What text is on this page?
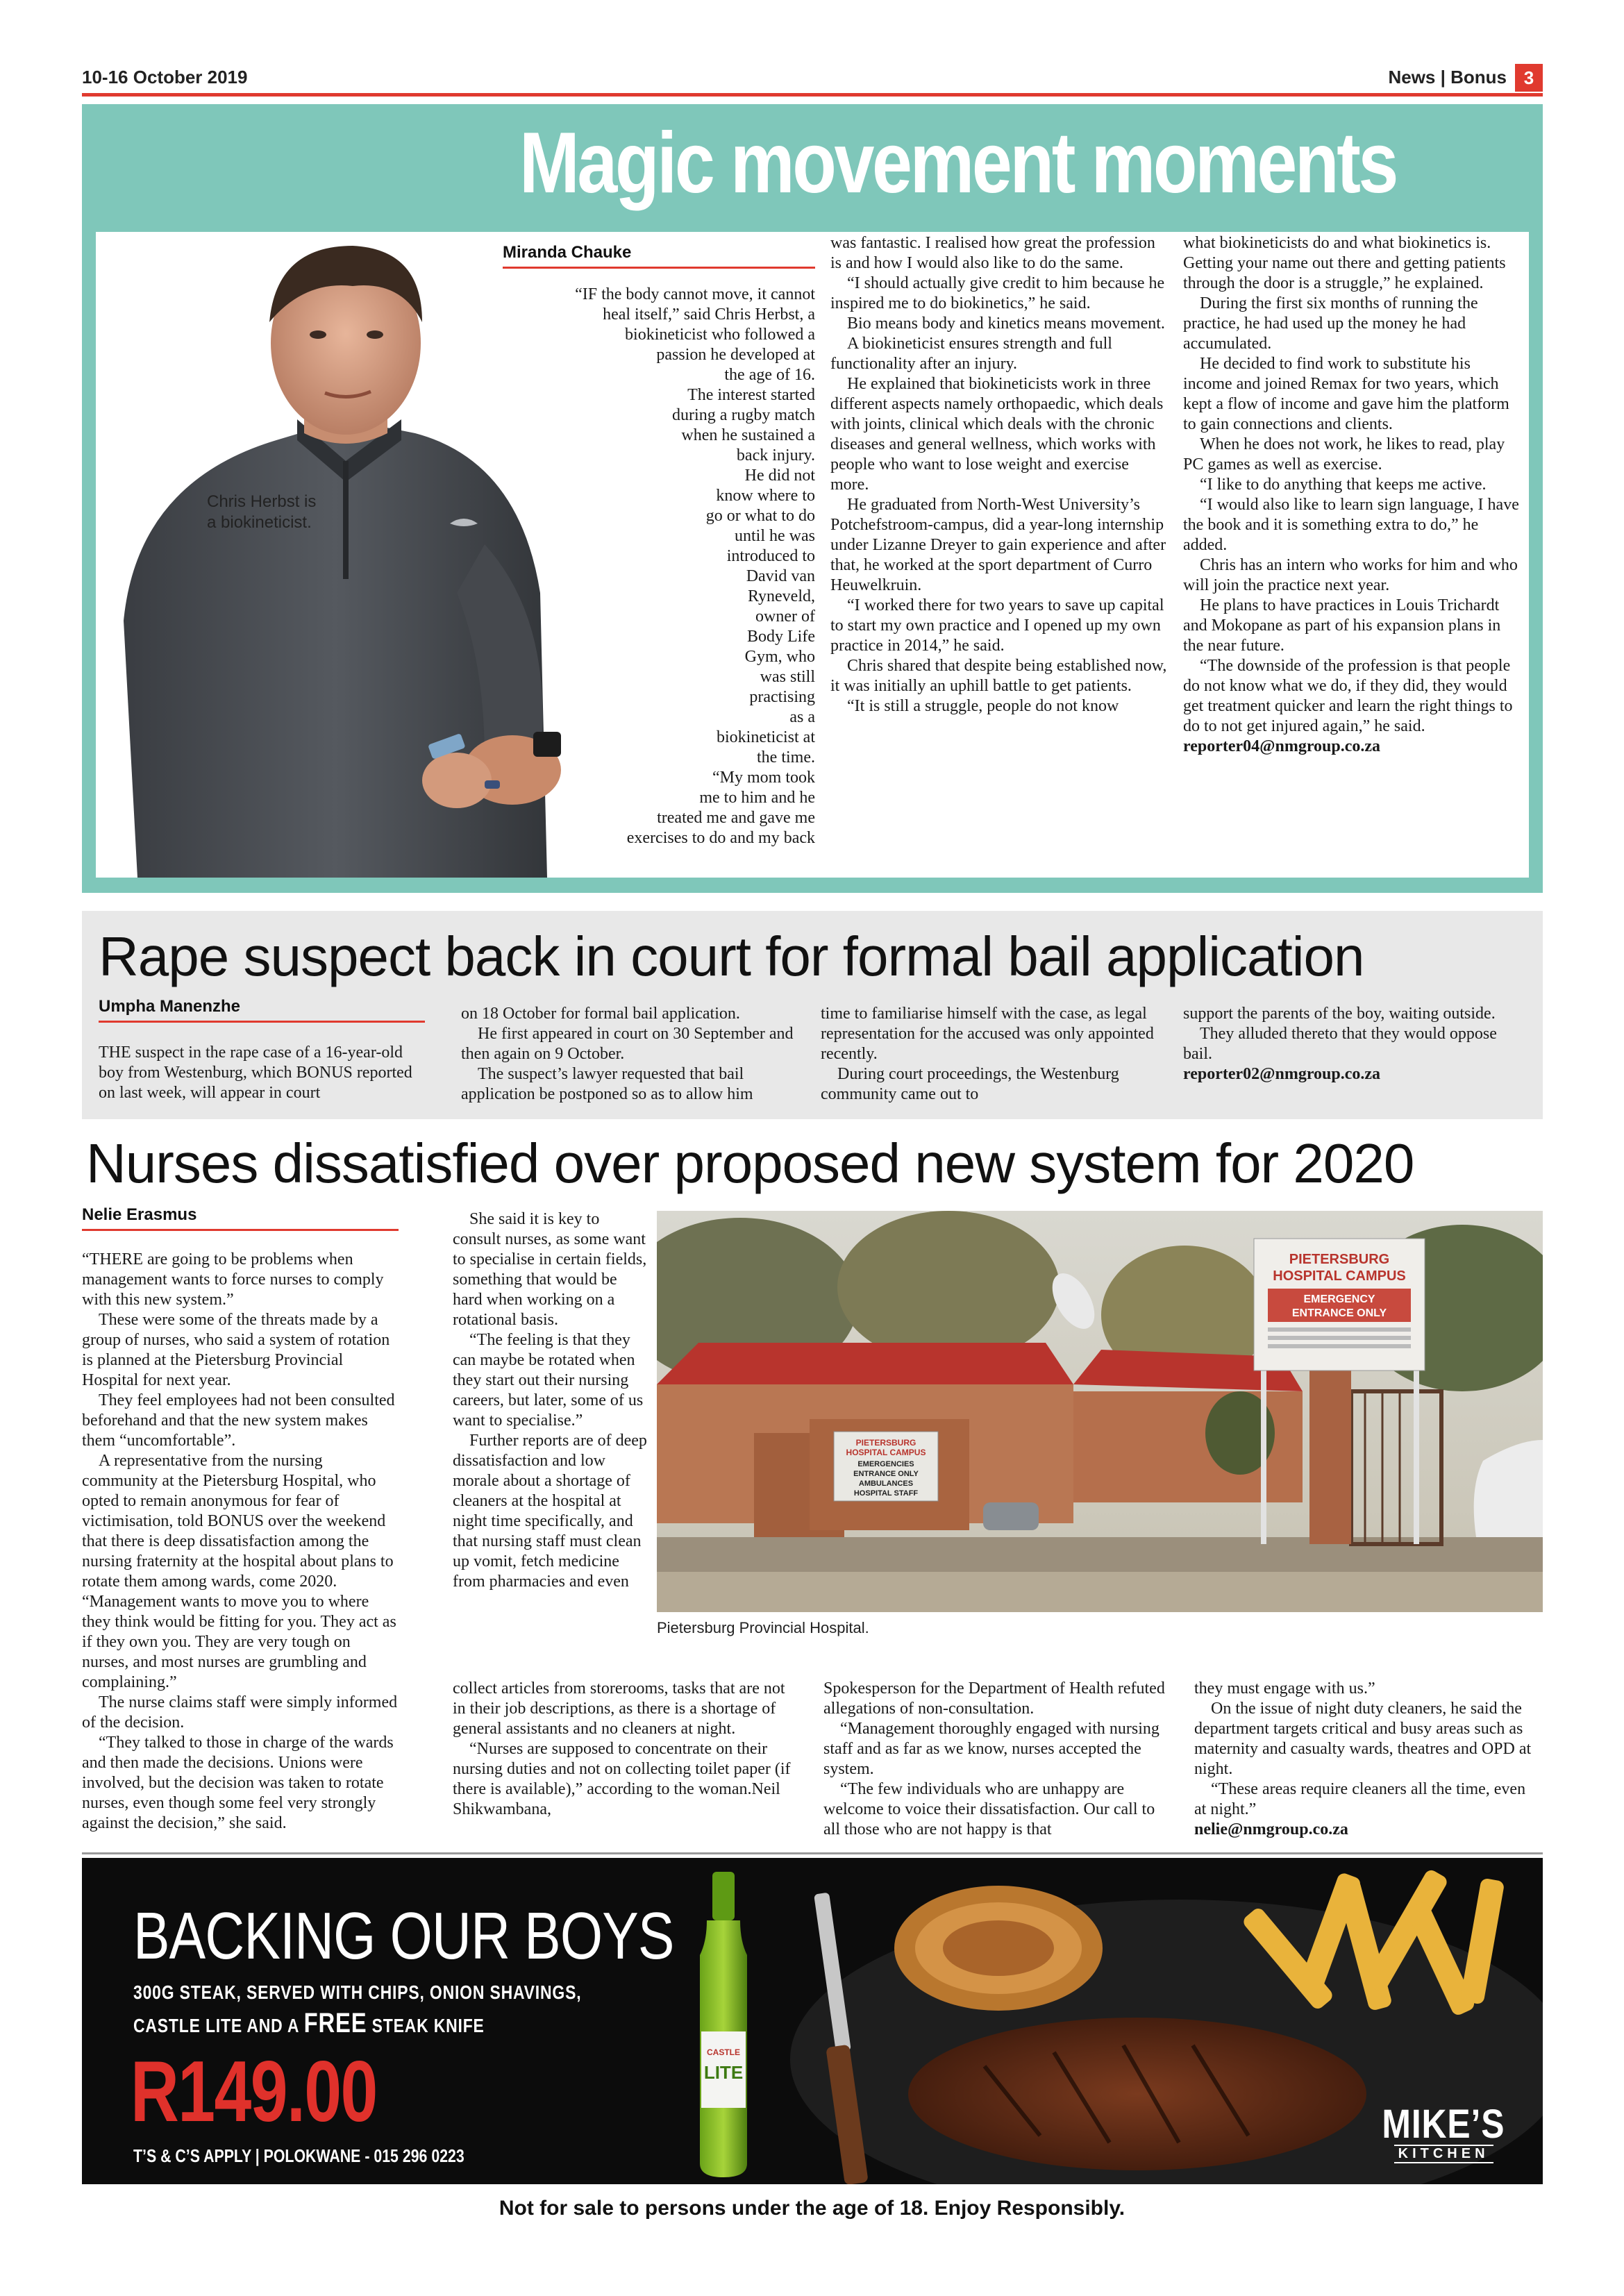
10-16 October 2019	News | Bonus 3
Magic movement moments
Chris Herbst is a biokineticist.
Miranda Chauke
“IF the body cannot move, it cannot
heal itself,” said Chris Herbst, a
biokineticist who followed a
passion he developed at
the age of 16.
The interest started
during a rugby match
when he sustained a
back injury.
He did not
know where to
go or what to do
until he was
introduced to
David van
Ryneveld,
owner of
Body Life
Gym, who
was still
practising
as a
biokineticist at
the time.
“My mom took
me to him and he
treated me and gave me
exercises to do and my back

was fantastic. I realised how great the profession is and how I would also like to do the same.

“I should actually give credit to him because he inspired me to do biokinetics,” he said.

Bio means body and kinetics means movement.

A biokineticist ensures strength and full functionality after an injury.

He explained that biokineticists work in three different aspects namely orthopaedic, which deals with joints, clinical which deals with the chronic diseases and general wellness, which works with people who want to lose weight and exercise more.

He graduated from North-West University’s Potchefstroom-campus, did a year-long internship under Lizanne Dreyer to gain experience and after that, he worked at the sport department of Curro Heuwelkruin.

“I worked there for two years to save up capital to start my own practice and I opened up my own practice in 2014,” he said.

Chris shared that despite being established now, it was initially an uphill battle to get patients.

“It is still a struggle, people do not know

what biokineticists do and what biokinetics is. Getting your name out there and getting patients through the door is a struggle,” he explained.

During the first six months of running the practice, he had used up the money he had accumulated.

He decided to find work to substitute his income and joined Remax for two years, which kept a flow of income and gave him the platform to gain connections and clients.

When he does not work, he likes to read, play PC games as well as exercise.

“I like to do anything that keeps me active.

“I would also like to learn sign language, I have the book and it is something extra to do,” he added.

Chris has an intern who works for him and who will join the practice next year.

He plans to have practices in Louis Trichardt and Mokopane as part of his expansion plans in the near future.

“The downside of the profession is that people do not know what we do, if they did, they would get treatment quicker and learn the right things to do to not get injured again,” he said.

reporter04@nmgroup.co.za

Rape suspect back in court for formal bail application
Umpha Manenzhe

THE suspect in the rape case of a 16-year-old boy from Westenburg, which BONUS reported on last week, will appear in court

on 18 October for formal bail application.

He first appeared in court on 30 September and then again on 9 October.

The suspect’s lawyer requested that bail application be postponed so as to allow him

time to familiarise himself with the case, as legal representation for the accused was only appointed recently.

During court proceedings, the Westenburg community came out to

support the parents of the boy, waiting outside.

They alluded thereto that they would oppose bail.

reporter02@nmgroup.co.za

Nurses dissatisfied over proposed new system for 2020
Nelie Erasmus

“THERE are going to be problems when management wants to force nurses to comply with this new system.”

These were some of the threats made by a group of nurses, who said a system of rotation is planned at the Pietersburg Provincial Hospital for next year.

They feel employees had not been consulted beforehand and that the new system makes them “uncomfortable”.

A representative from the nursing community at the Pietersburg Hospital, who opted to remain anonymous for fear of victimisation, told BONUS over the weekend that there is deep dissatisfaction among the nursing fraternity at the hospital about plans to rotate them among wards, come 2020. “Management wants to move you to where they think would be fitting for you. They act as if they own you. They are very tough on nurses, and most nurses are grumbling and complaining.”

The nurse claims staff were simply informed of the decision.

“They talked to those in charge of the wards and then made the decisions. Unions were involved, but the decision was taken to rotate nurses, even though some feel very strongly against the decision,” she said.

She said it is key to consult nurses, as some want to specialise in certain fields, something that would be hard when working on a rotational basis.

“The feeling is that they can maybe be rotated when they start out their nursing careers, but later, some of us want to specialise.”

Further reports are of deep dissatisfaction and low morale about a shortage of cleaners at the hospital at night time specifically, and that nursing staff must clean up vomit, fetch medicine from pharmacies and even

collect articles from storerooms, tasks that are not in their job descriptions, as there is a shortage of general assistants and no cleaners at night.

“Nurses are supposed to concentrate on their nursing duties and not on collecting toilet paper (if there is available),” according to the woman.Neil Shikwambana,

Spokesperson for the Department of Health refuted allegations of non-consultation.

“Management thoroughly engaged with nursing staff and as far as we know, nurses accepted the system.

“The few individuals who are unhappy are welcome to voice their dissatisfaction. Our call to all those who are not happy is that

they must engage with us.”

On the issue of night duty cleaners, he said the department targets critical and busy areas such as maternity and casualty wards, theatres and OPD at night.

“These areas require cleaners all the time, even at night.”

nelie@nmgroup.co.za

PIETERSBURG
HOSPITAL CAMPUS
EMERGENCIES
ENTRANCE ONLY
AMBULANCES
HOSPITAL STAFF
PIETERSBURG
HOSPITAL CAMPUS
EMERGENCY
ENTRANCE ONLY
Pietersburg Provincial Hospital.
BACKING OUR BOYS
300G STEAK, SERVED WITH CHIPS, ONION SHAVINGS,
CASTLE LITE AND A FREE STEAK KNIFE
R149.00
T’S & C’S APPLY | POLOKWANE - 015 296 0223
CASTLE
LITE
MIKE’S
KITCHEN
Not for sale to persons under the age of 18. Enjoy Responsibly.
